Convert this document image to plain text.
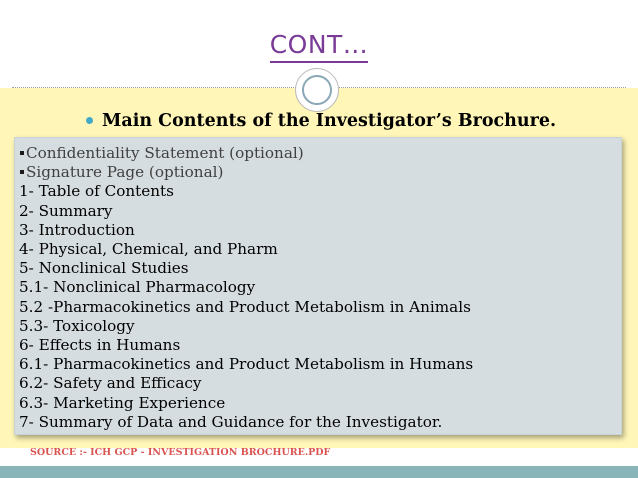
CONT…
Main Contents of the Investigator’s Brochure.
Confidentiality Statement (optional)
Signature Page (optional)
1- Table of Contents
2- Summary
3- Introduction
4- Physical, Chemical, and Pharm
5- Nonclinical Studies
5.1- Nonclinical Pharmacology
5.2 -Pharmacokinetics and Product Metabolism in Animals
5.3- Toxicology
6- Effects in Humans
6.1- Pharmacokinetics and Product Metabolism in Humans
6.2- Safety and Efficacy
6.3- Marketing Experience
7- Summary of Data and Guidance for the Investigator.
SOURCE :- ICH GCP - INVESTIGATION BROCHURE.PDF
